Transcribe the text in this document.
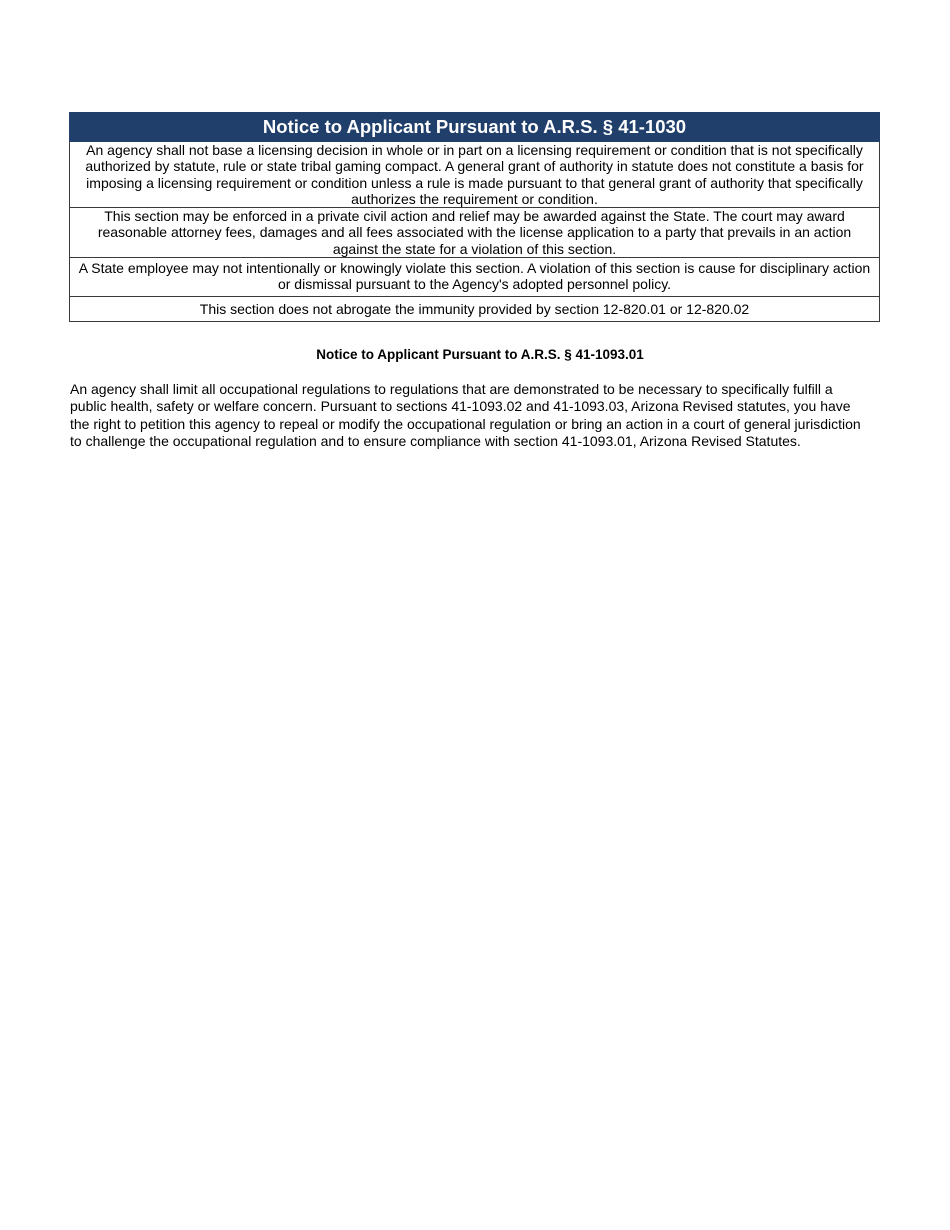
Notice to Applicant Pursuant to A.R.S. § 41-1030
An agency shall not base a licensing decision in whole or in part on a licensing requirement or condition that is not specifically authorized by statute, rule or state tribal gaming compact. A general grant of authority in statute does not constitute a basis for imposing a licensing requirement or condition unless a rule is made pursuant to that general grant of authority that specifically authorizes the requirement or condition.
This section may be enforced in a private civil action and relief may be awarded against the State. The court may award reasonable attorney fees, damages and all fees associated with the license application to a party that prevails in an action against the state for a violation of this section.
A State employee may not intentionally or knowingly violate this section. A violation of this section is cause for disciplinary action or dismissal pursuant to the Agency's adopted personnel policy.
This section does not abrogate the immunity provided by section 12-820.01 or 12-820.02
Notice to Applicant Pursuant to A.R.S. § 41-1093.01
An agency shall limit all occupational regulations to regulations that are demonstrated to be necessary to specifically fulfill a
public health, safety or welfare concern. Pursuant to sections 41-1093.02 and 41-1093.03, Arizona Revised statutes, you have
the right to petition this agency to repeal or modify the occupational regulation or bring an action in a court of general jurisdiction
to challenge the occupational regulation and to ensure compliance with section 41-1093.01, Arizona Revised Statutes.
